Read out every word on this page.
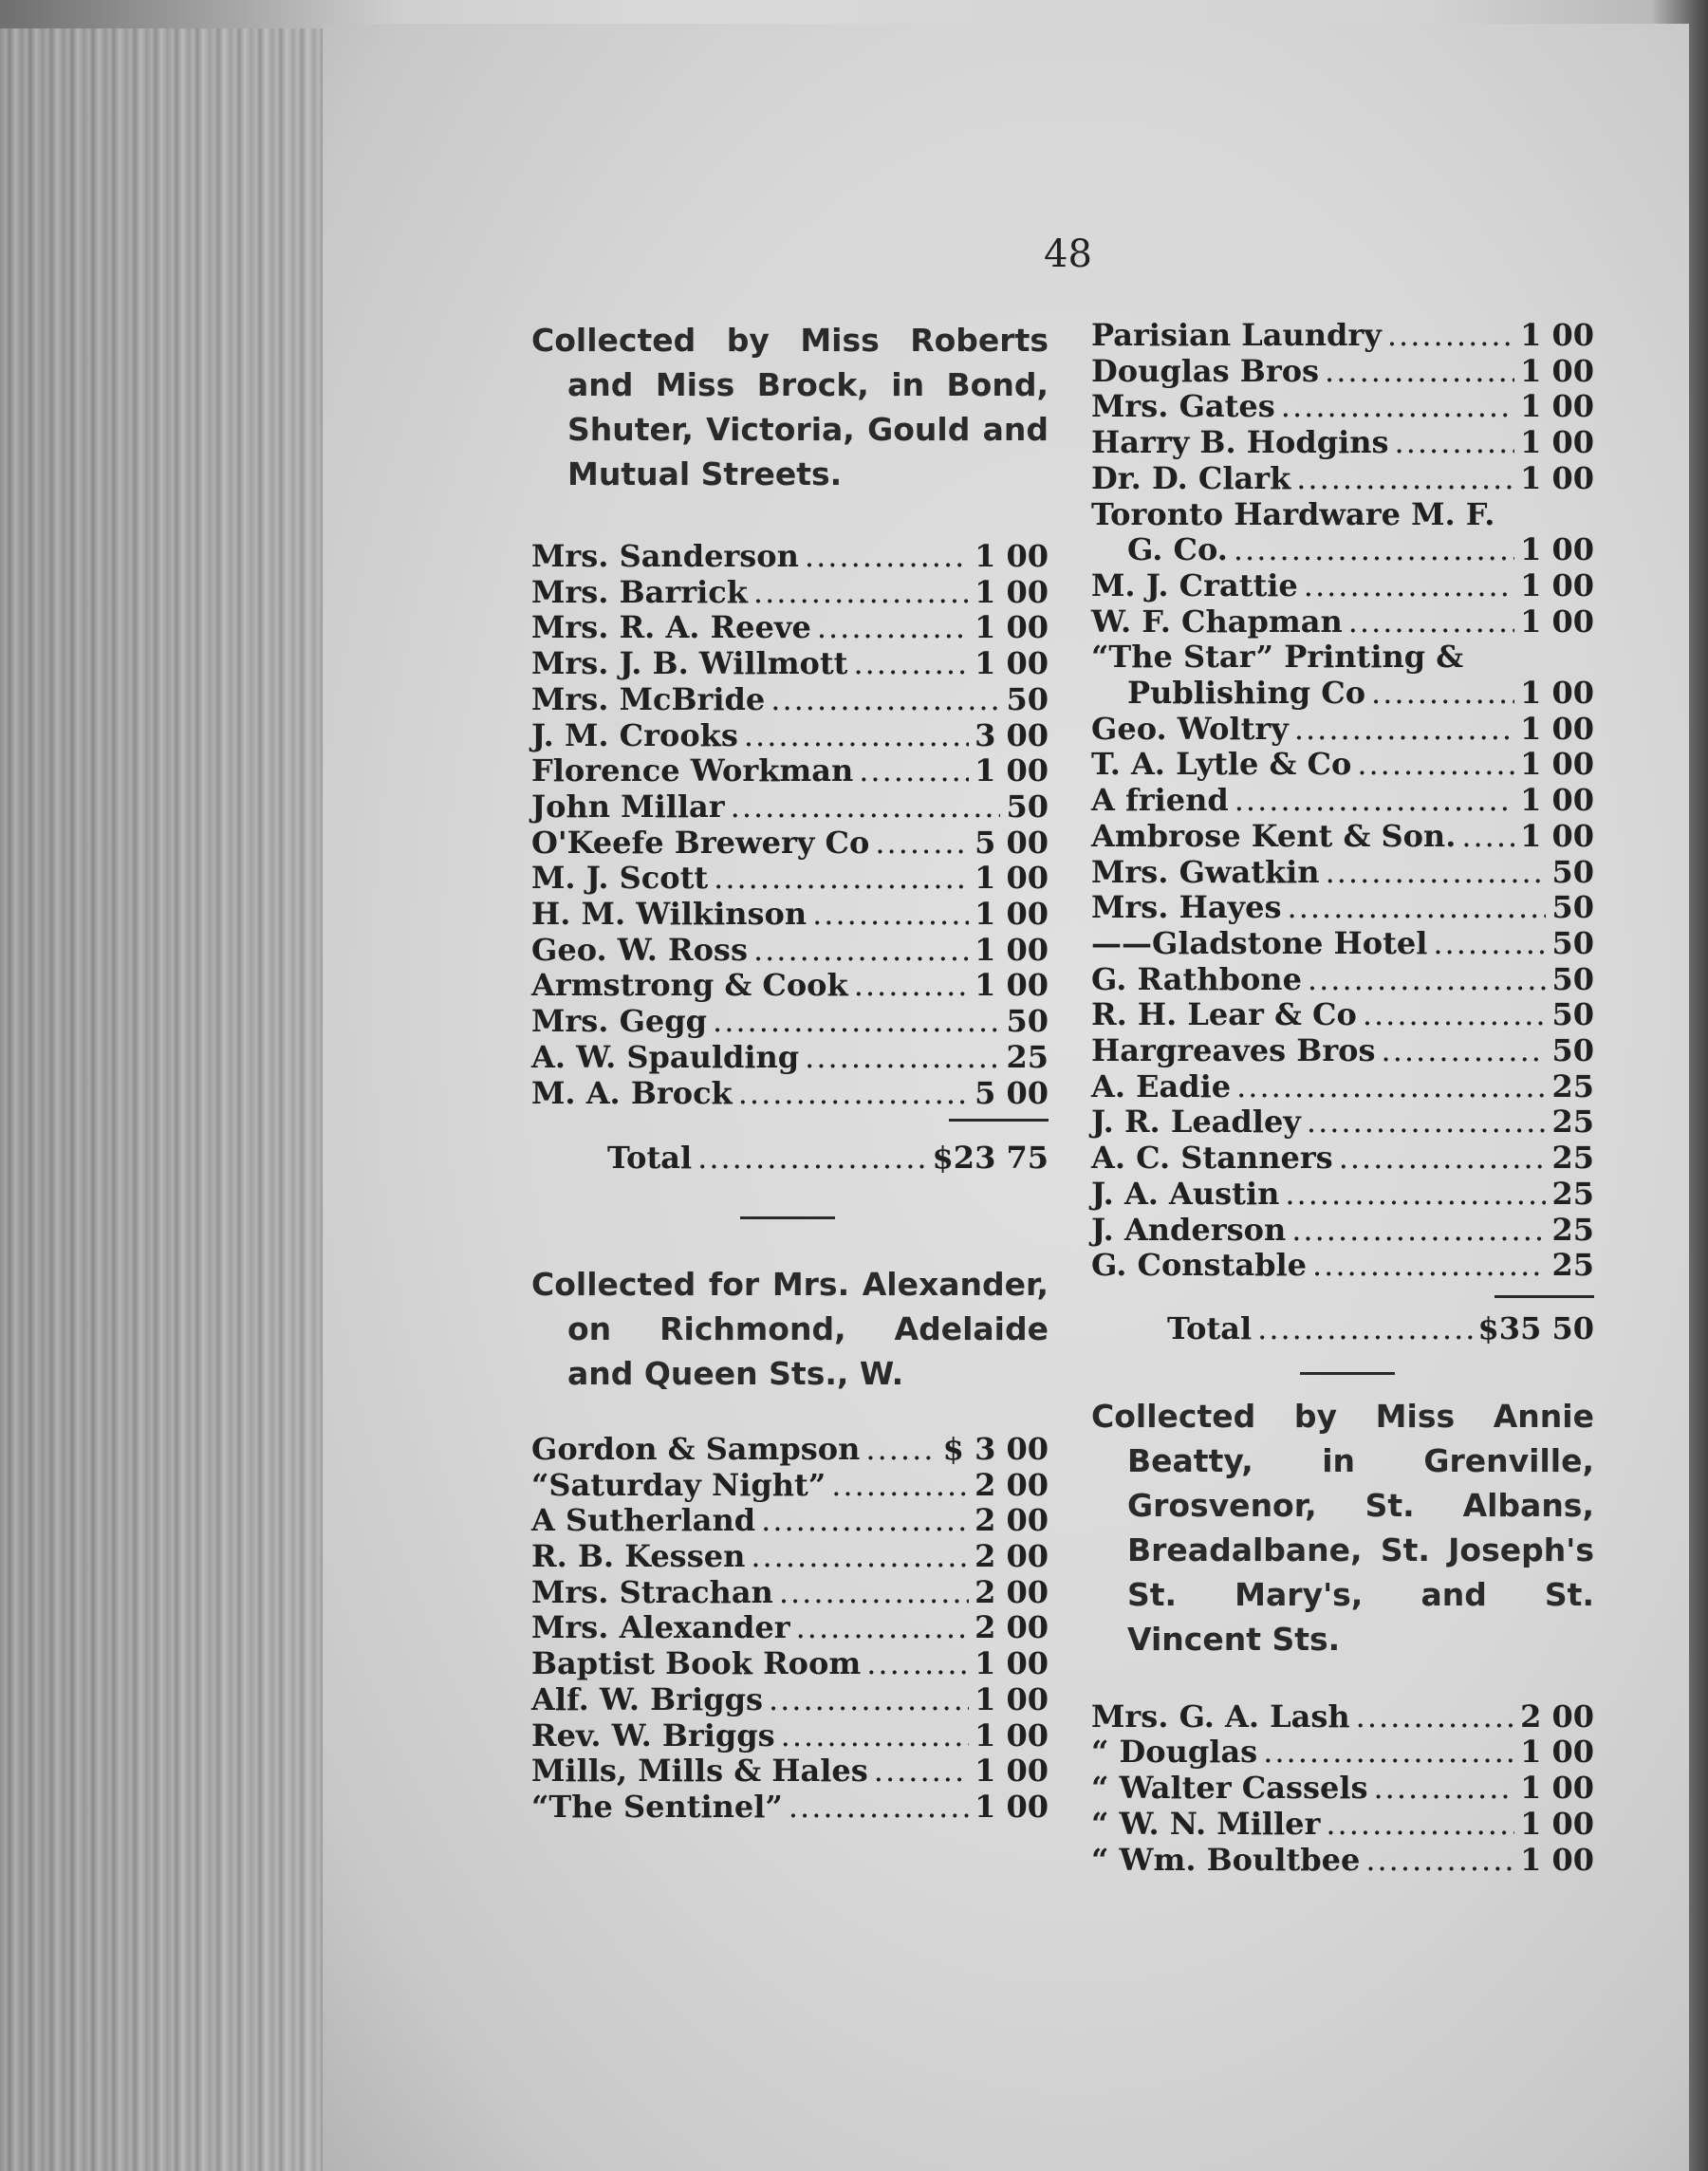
48
Collected by Miss Roberts and Miss Brock, in Bond, Shuter, Victoria, Gould and Mutual Streets.
Mrs. Sanderson .....	1 00
Mrs. Barrick .....	1 00
Mrs. R. A. Reeve .....	1 00
Mrs. J. B. Willmott .....	1 00
Mrs. McBride .....	50
J. M. Crooks .....	3 00
Florence Workman .....	1 00
John Millar .....	50
O'Keefe Brewery Co .....	5 00
M. J. Scott .....	1 00
H. M. Wilkinson .....	1 00
Geo. W. Ross .....	1 00
Armstrong & Cook .....	1 00
Mrs. Gegg .....	50
A. W. Spaulding .....	25
M. A. Brock .....	5 00
Total .....	$23 75
Collected for Mrs. Alexander, on Richmond, Adelaide and Queen Sts., W.
Gordon & Sampson .....	$ 3 00
“Saturday Night” .....	2 00
A Sutherland .....	2 00
R. B. Kessen .....	2 00
Mrs. Strachan .....	2 00
Mrs. Alexander .....	2 00
Baptist Book Room .....	1 00
Alf. W. Briggs .....	1 00
Rev. W. Briggs .....	1 00
Mills, Mills & Hales .....	1 00
“The Sentinel” .....	1 00
Parisian Laundry .....	1 00
Douglas Bros .....	1 00
Mrs. Gates .....	1 00
Harry B. Hodgins .....	1 00
Dr. D. Clark .....	1 00
Toronto Hardware M. F.
G. Co. .....	1 00
M. J. Crattie .....	1 00
W. F. Chapman .....	1 00
“The Star” Printing &
Publishing Co .....	1 00
Geo. Woltry .....	1 00
T. A. Lytle & Co .....	1 00
A friend .....	1 00
Ambrose Kent & Son. ..... 1 00
Mrs. Gwatkin .....	50
Mrs. Hayes .....	50
——Gladstone Hotel .....	50
G. Rathbone .....	50
R. H. Lear & Co .....	50
Hargreaves Bros .....	50
A. Eadie .....	25
J. R. Leadley .....	25
A. C. Stanners .....	25
J. A. Austin .....	25
J. Anderson .....	25
G. Constable .....	25
Total .....	$35 50
Collected by Miss Annie Beatty, in Grenville, Grosvenor, St. Albans, Breadalbane, St. Joseph's St. Mary's, and St. Vincent Sts.
Mrs. G. A. Lash .....	2 00
“ Douglas .....	1 00
“ Walter Cassels .....	1 00
“ W. N. Miller .....	1 00
“ Wm. Boultbee .....	1 00
